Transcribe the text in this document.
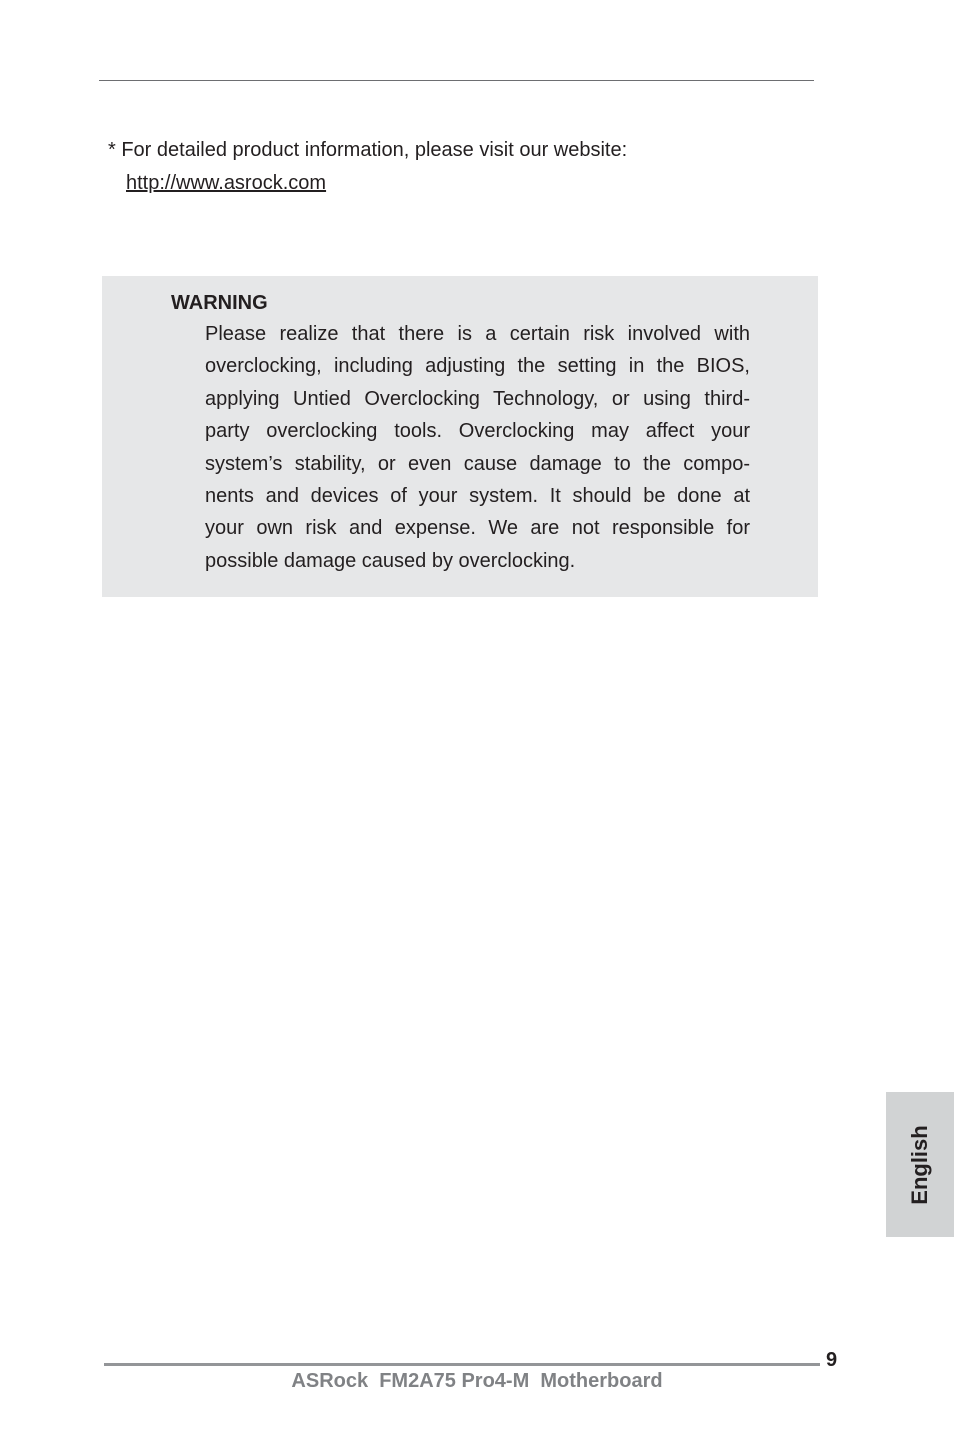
* For detailed product information, please visit our website:
http://www.asrock.com
WARNING
Please realize that there is a certain risk involved with
overclocking, including adjusting the setting in the BIOS,
applying Untied Overclocking Technology, or using third-
party overclocking tools. Overclocking may affect your
system’s stability, or even cause damage to the compo-
nents and devices of your system. It should be done at
your own risk and expense. We are not responsible for
possible damage caused by overclocking.
English
9
ASRock  FM2A75 Pro4-M  Motherboard
